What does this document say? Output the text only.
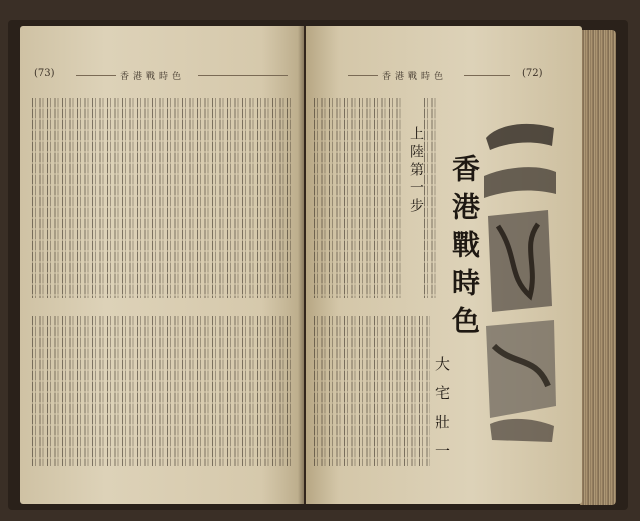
(73)	香港戰時色	香港戰時色	(72)
上陸第一步 香港戰時色
大宅壯一
